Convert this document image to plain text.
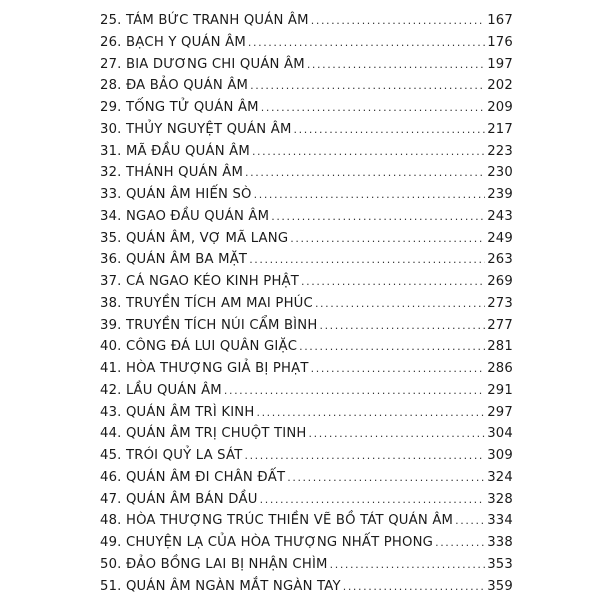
25. TÁM BỨC TRANH QUÁN ÂM .....	167
26. BẠCH Y QUÁN ÂM .....	176
27. BIA DƯƠNG CHI QUÁN ÂM .....	197
28. ĐA BẢO QUÁN ÂM .....	202
29. TỐNG TỬ QUÁN ÂM .....	209
30. THỦY NGUYỆT QUÁN ÂM .....	217
31. MÃ ĐẦU QUÁN ÂM .....	223
32. THÁNH QUÁN ÂM .....	230
33. QUÁN ÂM HIẾN SÒ .....	239
34. NGAO ĐẦU QUÁN ÂM .....	243
35. QUÁN ÂM, VỢ MÃ LANG .....	249
36. QUÁN ÂM BA MẶT .....	263
37. CÁ NGAO KÉO KINH PHẬT .....	269
38. TRUYỀN TÍCH AM MAI PHÚC .....	273
39. TRUYỀN TÍCH NÚI CẨM BÌNH .....	277
40. CÔNG ĐÁ LUI QUÂN GIẶC .....	281
41. HÒA THƯỢNG GIẢ BỊ PHẠT .....	286
42. LẦU QUÁN ÂM .....	291
43. QUÁN ÂM TRÌ KINH .....	297
44. QUÁN ÂM TRỊ CHUỘT TINH .....	304
45. TRÓI QUỶ LA SÁT .....	309
46. QUÁN ÂM ĐI CHÂN ĐẤT .....	324
47. QUÁN ÂM BÁN DẦU .....	328
48. HÒA THƯỢNG TRÚC THIỀN VẼ BỒ TÁT QUÁN ÂM .....	334
49. CHUYỆN LẠ CỦA HÒA THƯỢNG NHẤT PHONG .....	338
50. ĐẢO BỒNG LAI BỊ NHẬN CHÌM .....	353
51. QUÁN ÂM NGÀN MẮT NGÀN TAY .....	359
